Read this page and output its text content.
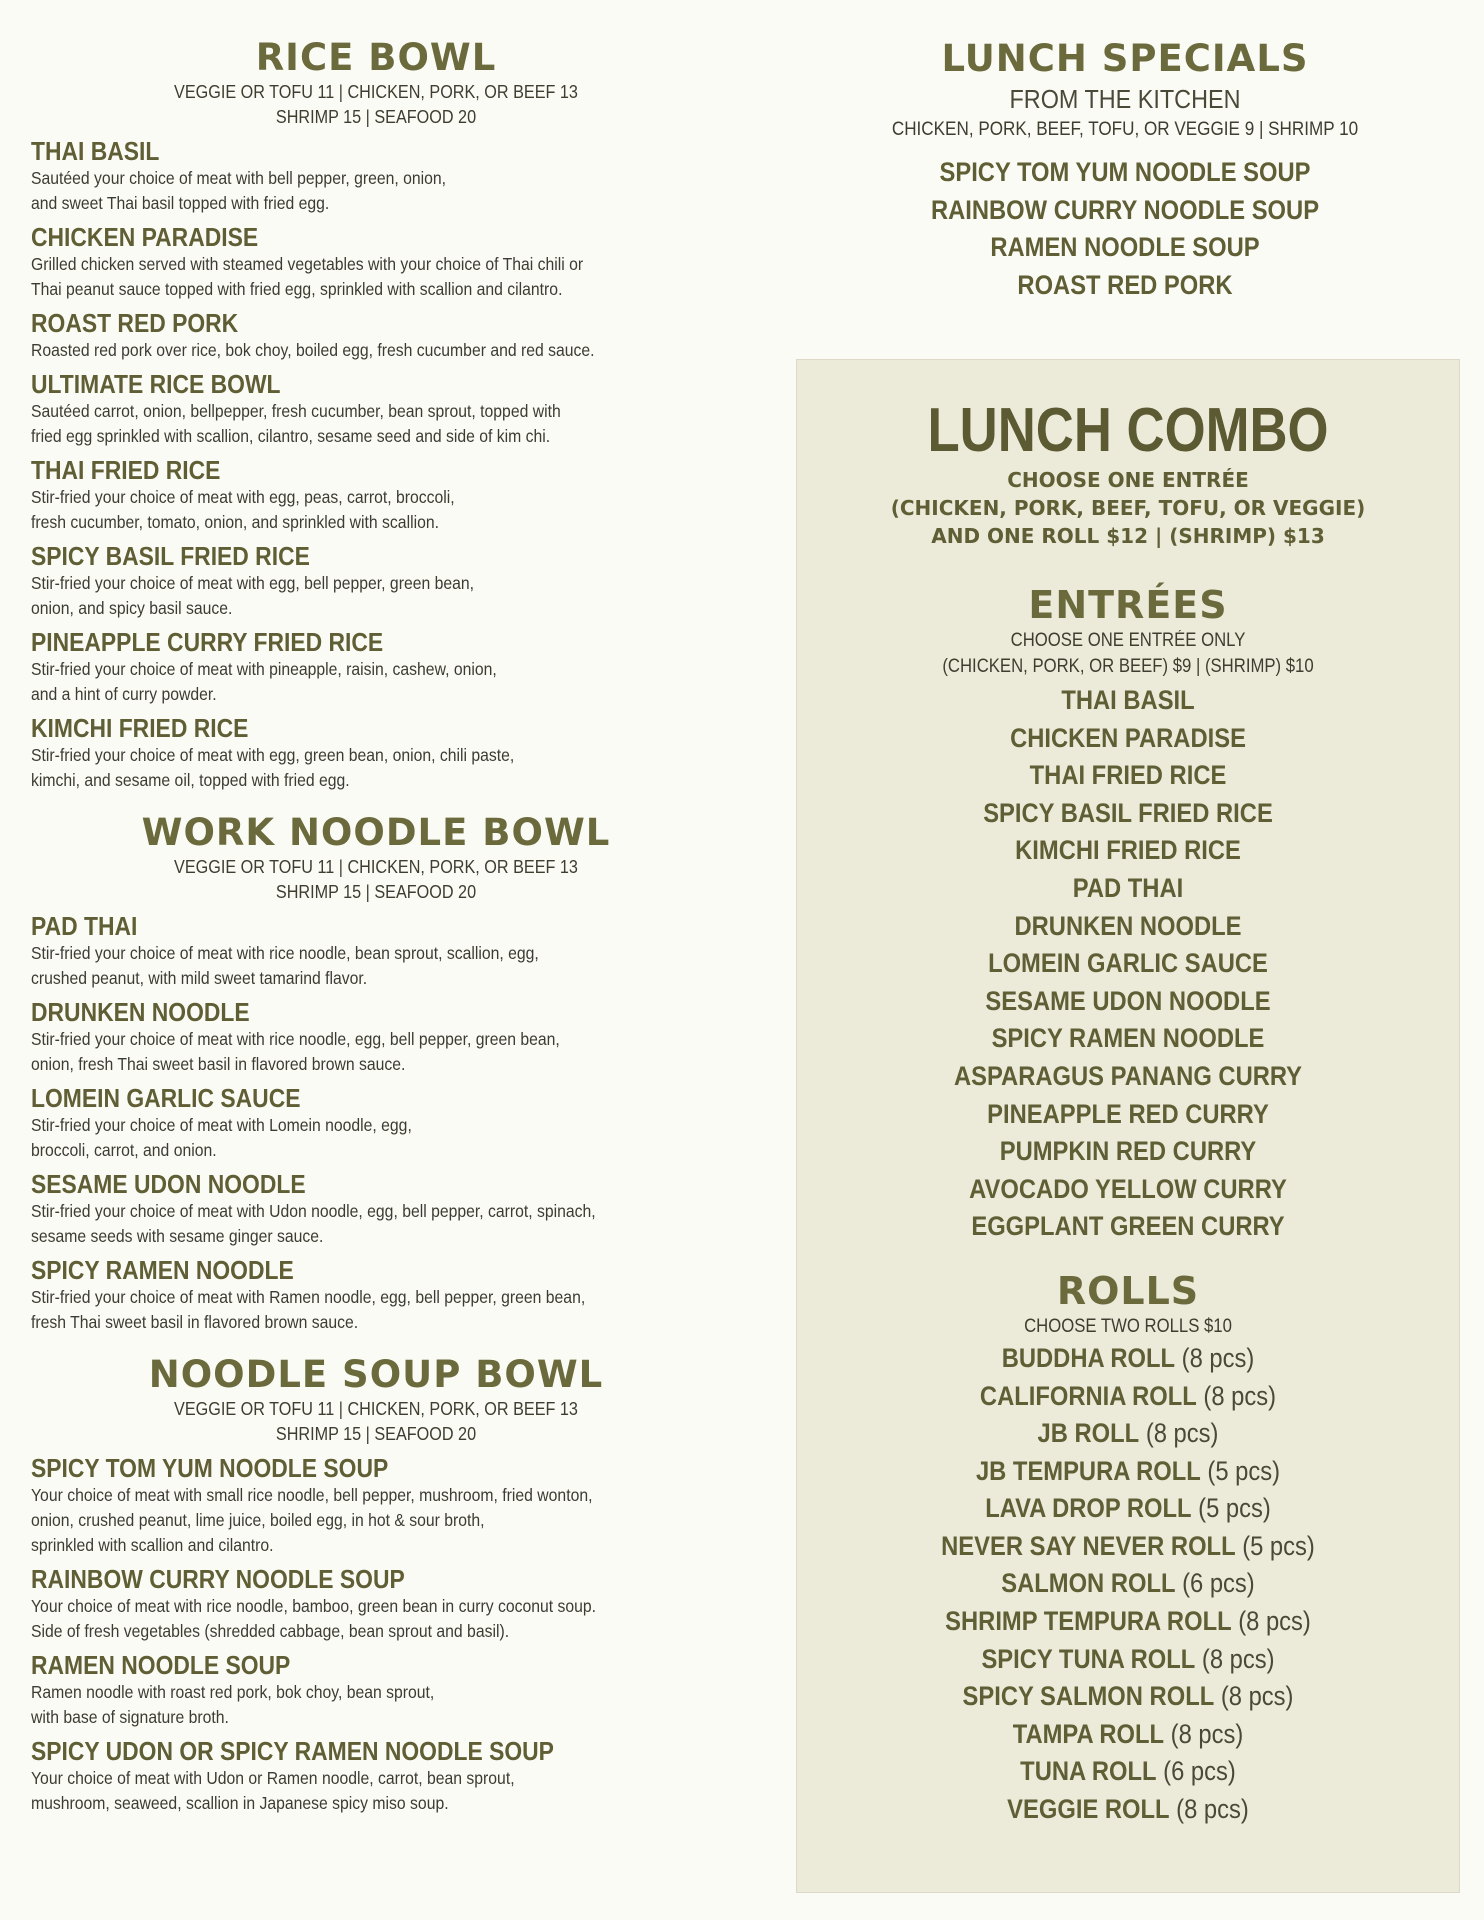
RICE BOWL
VEGGIE OR TOFU 11 | CHICKEN, PORK, OR BEEF 13
SHRIMP 15 | SEAFOOD 20
THAI BASIL
Sautéed your choice of meat with bell pepper, green, onion,
and sweet Thai basil topped with fried egg.
CHICKEN PARADISE
Grilled chicken served with steamed vegetables with your choice of Thai chili or
Thai peanut sauce topped with fried egg, sprinkled with scallion and cilantro.
ROAST RED PORK
Roasted red pork over rice, bok choy, boiled egg, fresh cucumber and red sauce.
ULTIMATE RICE BOWL
Sautéed carrot, onion, bellpepper, fresh cucumber, bean sprout, topped with
fried egg sprinkled with scallion, cilantro, sesame seed and side of kim chi.
THAI FRIED RICE
Stir-fried your choice of meat with egg, peas, carrot, broccoli,
fresh cucumber, tomato, onion, and sprinkled with scallion.
SPICY BASIL FRIED RICE
Stir-fried your choice of meat with egg, bell pepper, green bean,
onion, and spicy basil sauce.
PINEAPPLE CURRY FRIED RICE
Stir-fried your choice of meat with pineapple, raisin, cashew, onion,
and a hint of curry powder.
KIMCHI FRIED RICE
Stir-fried your choice of meat with egg, green bean, onion, chili paste,
kimchi, and sesame oil, topped with fried egg.
WORK NOODLE BOWL
VEGGIE OR TOFU 11 | CHICKEN, PORK, OR BEEF 13
SHRIMP 15 | SEAFOOD 20
PAD THAI
Stir-fried your choice of meat with rice noodle, bean sprout, scallion, egg,
crushed peanut, with mild sweet tamarind flavor.
DRUNKEN NOODLE
Stir-fried your choice of meat with rice noodle, egg, bell pepper, green bean,
onion, fresh Thai sweet basil in flavored brown sauce.
LOMEIN GARLIC SAUCE
Stir-fried your choice of meat with Lomein noodle, egg,
broccoli, carrot, and onion.
SESAME UDON NOODLE
Stir-fried your choice of meat with Udon noodle, egg, bell pepper, carrot, spinach,
sesame seeds with sesame ginger sauce.
SPICY RAMEN NOODLE
Stir-fried your choice of meat with Ramen noodle, egg, bell pepper, green bean,
fresh Thai sweet basil in flavored brown sauce.
NOODLE SOUP BOWL
VEGGIE OR TOFU 11 | CHICKEN, PORK, OR BEEF 13
SHRIMP 15 | SEAFOOD 20
SPICY TOM YUM NOODLE SOUP
Your choice of meat with small rice noodle, bell pepper, mushroom, fried wonton,
onion, crushed peanut, lime juice, boiled egg, in hot & sour broth,
sprinkled with scallion and cilantro.
RAINBOW CURRY NOODLE SOUP
Your choice of meat with rice noodle, bamboo, green bean in curry coconut soup.
Side of fresh vegetables (shredded cabbage, bean sprout and basil).
RAMEN NOODLE SOUP
Ramen noodle with roast red pork, bok choy, bean sprout,
with base of signature broth.
SPICY UDON OR SPICY RAMEN NOODLE SOUP
Your choice of meat with Udon or Ramen noodle, carrot, bean sprout,
mushroom, seaweed, scallion in Japanese spicy miso soup.
LUNCH SPECIALS
FROM THE KITCHEN
CHICKEN, PORK, BEEF, TOFU, OR VEGGIE 9 | SHRIMP 10
SPICY TOM YUM NOODLE SOUP
RAINBOW CURRY NOODLE SOUP
RAMEN NOODLE SOUP
ROAST RED PORK
LUNCH COMBO
CHOOSE ONE ENTRÉE
(CHICKEN, PORK, BEEF, TOFU, OR VEGGIE)
AND ONE ROLL $12 | (SHRIMP) $13
ENTRÉES
CHOOSE ONE ENTRÉE ONLY
(CHICKEN, PORK, OR BEEF) $9 | (SHRIMP) $10
THAI BASIL
CHICKEN PARADISE
THAI FRIED RICE
SPICY BASIL FRIED RICE
KIMCHI FRIED RICE
PAD THAI
DRUNKEN NOODLE
LOMEIN GARLIC SAUCE
SESAME UDON NOODLE
SPICY RAMEN NOODLE
ASPARAGUS PANANG CURRY
PINEAPPLE RED CURRY
PUMPKIN RED CURRY
AVOCADO YELLOW CURRY
EGGPLANT GREEN CURRY
ROLLS
CHOOSE TWO ROLLS $10
BUDDHA ROLL (8 pcs)
CALIFORNIA ROLL (8 pcs)
JB ROLL (8 pcs)
JB TEMPURA ROLL (5 pcs)
LAVA DROP ROLL (5 pcs)
NEVER SAY NEVER ROLL (5 pcs)
SALMON ROLL (6 pcs)
SHRIMP TEMPURA ROLL (8 pcs)
SPICY TUNA ROLL (8 pcs)
SPICY SALMON ROLL (8 pcs)
TAMPA ROLL (8 pcs)
TUNA ROLL (6 pcs)
VEGGIE ROLL (8 pcs)
